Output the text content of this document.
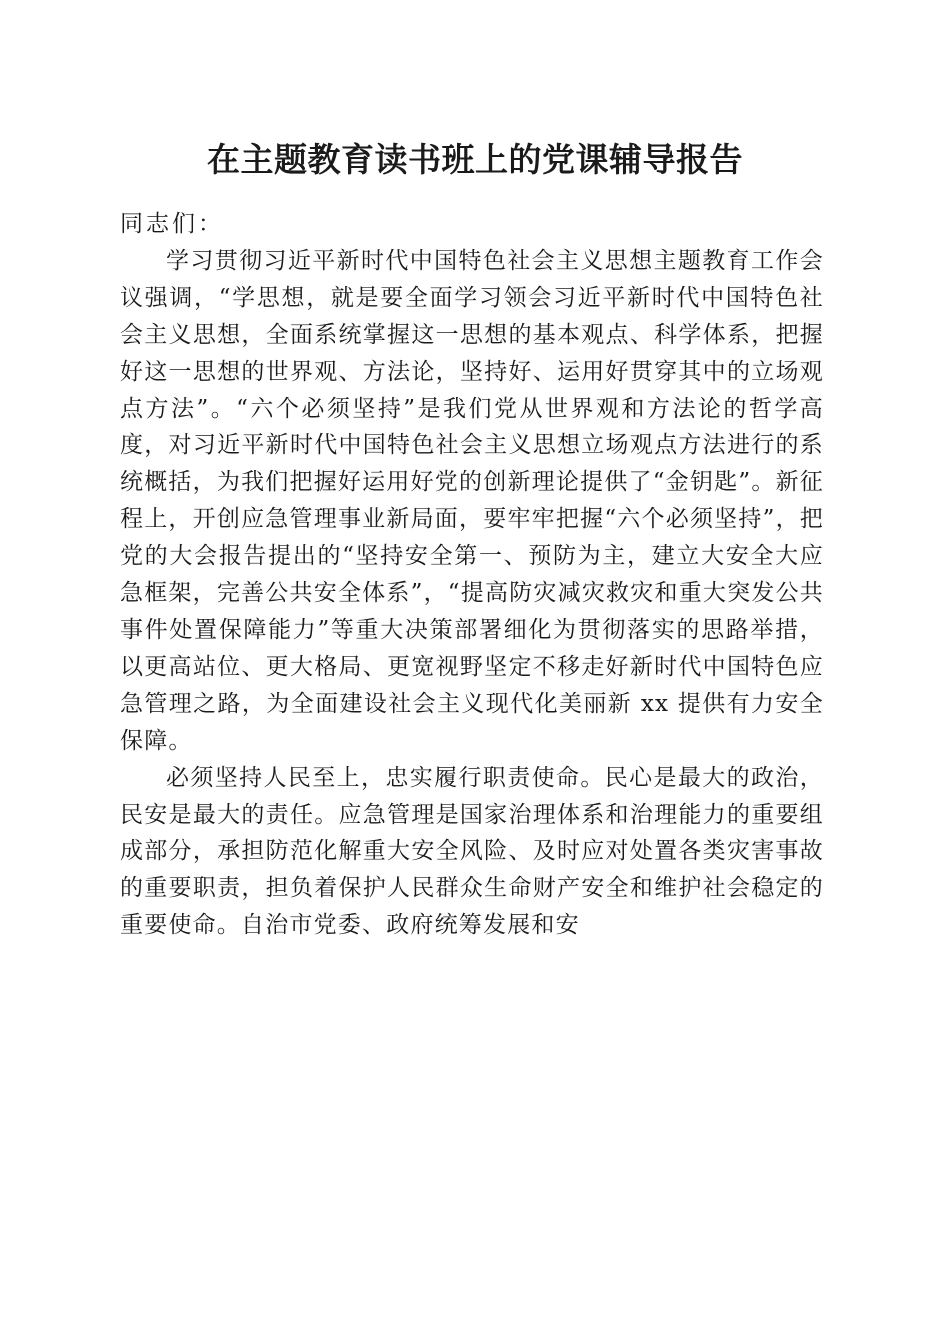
在主题教育读书班上的党课辅导报告

同志们：

学习贯彻习近平新时代中国特色社会主义思想主题教育工作会议强调，“学思想，就是要全面学习领会习近平新时代中国特色社会主义思想，全面系统掌握这一思想的基本观点、科学体系，把握好这一思想的世界观、方法论，坚持好、运用好贯穿其中的立场观点方法”。“六个必须坚持”是我们党从世界观和方法论的哲学高度，对习近平新时代中国特色社会主义思想立场观点方法进行的系统概括，为我们把握好运用好党的创新理论提供了“金钥匙”。新征程上，开创应急管理事业新局面，要牢牢把握“六个必须坚持”，把党的大会报告提出的“坚持安全第一、预防为主，建立大安全大应急框架，完善公共安全体系”，“提高防灾减灾救灾和重大突发公共事件处置保障能力”等重大决策部署细化为贯彻落实的思路举措，以更高站位、更大格局、更宽视野坚定不移走好新时代中国特色应急管理之路，为全面建设社会主义现代化美丽新 xx 提供有力安全保障。

必须坚持人民至上，忠实履行职责使命。民心是最大的政治，民安是最大的责任。应急管理是国家治理体系和治理能力的重要组成部分，承担防范化解重大安全风险、及时应对处置各类灾害事故的重要职责，担负着保护人民群众生命财产安全和维护社会稳定的重要使命。自治市党委、政府统筹发展和安
